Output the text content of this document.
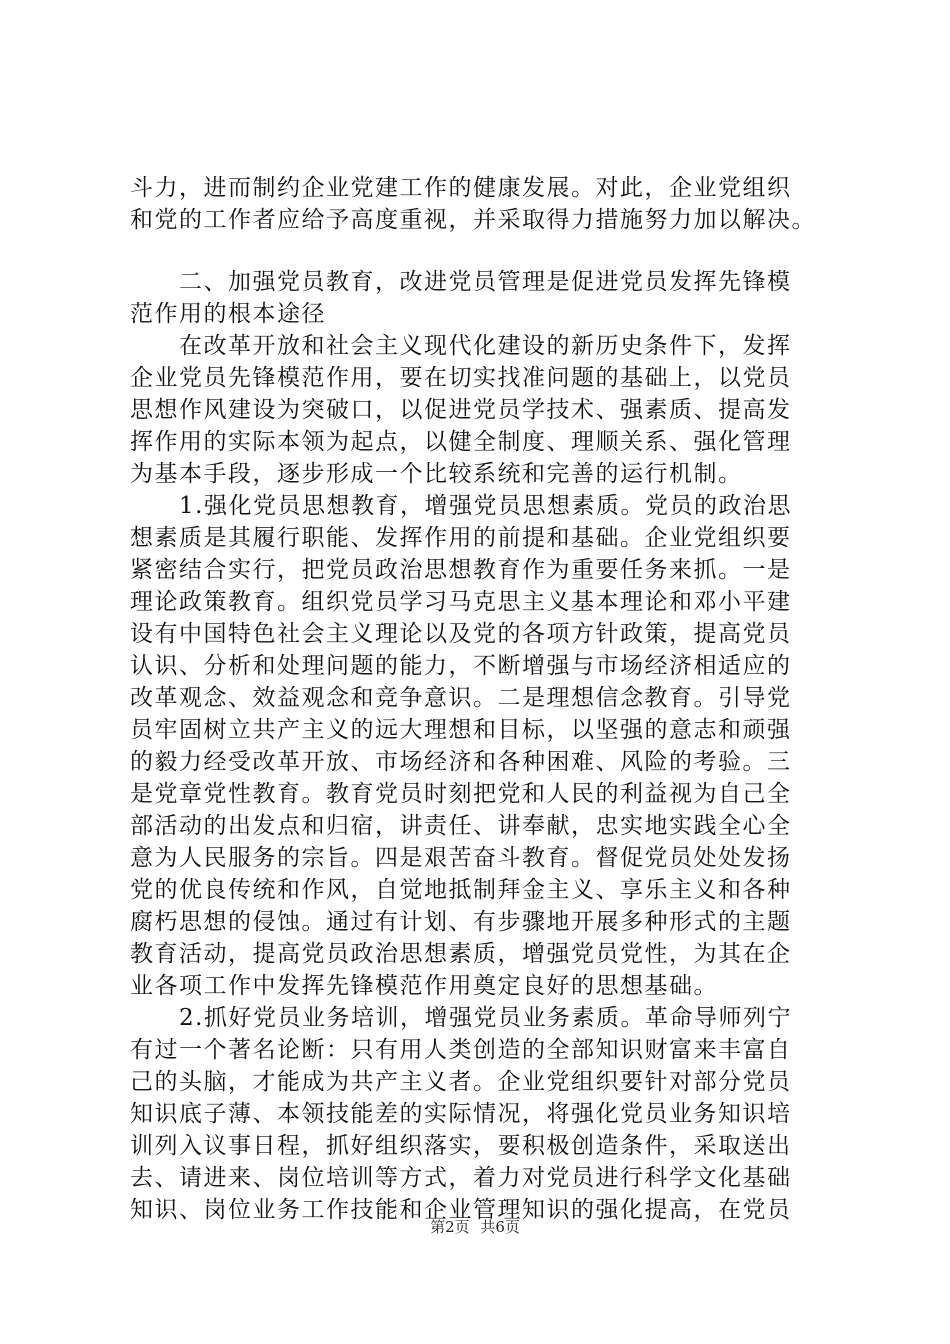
斗力，进而制约企业党建工作的健康发展。对此，企业党组织
和党的工作者应给予高度重视，并采取得力措施努力加以解决。
　　二、加强党员教育，改进党员管理是促进党员发挥先锋模
范作用的根本途径
　　在改革开放和社会主义现代化建设的新历史条件下，发挥
企业党员先锋模范作用，要在切实找准问题的基础上，以党员
思想作风建设为突破口，以促进党员学技术、强素质、提高发
挥作用的实际本领为起点，以健全制度、理顺关系、强化管理
为基本手段，逐步形成一个比较系统和完善的运行机制。
　　1.强化党员思想教育，增强党员思想素质。党员的政治思
想素质是其履行职能、发挥作用的前提和基础。企业党组织要
紧密结合实行，把党员政治思想教育作为重要任务来抓。一是
理论政策教育。组织党员学习马克思主义基本理论和邓小平建
设有中国特色社会主义理论以及党的各项方针政策，提高党员
认识、分析和处理问题的能力，不断增强与市场经济相适应的
改革观念、效益观念和竞争意识。二是理想信念教育。引导党
员牢固树立共产主义的远大理想和目标，以坚强的意志和顽强
的毅力经受改革开放、市场经济和各种困难、风险的考验。三
是党章党性教育。教育党员时刻把党和人民的利益视为自己全
部活动的出发点和归宿，讲责任、讲奉献，忠实地实践全心全
意为人民服务的宗旨。四是艰苦奋斗教育。督促党员处处发扬
党的优良传统和作风，自觉地抵制拜金主义、享乐主义和各种
腐朽思想的侵蚀。通过有计划、有步骤地开展多种形式的主题
教育活动，提高党员政治思想素质，增强党员党性，为其在企
业各项工作中发挥先锋模范作用奠定良好的思想基础。
　　2.抓好党员业务培训，增强党员业务素质。革命导师列宁
有过一个著名论断：只有用人类创造的全部知识财富来丰富自
己的头脑，才能成为共产主义者。企业党组织要针对部分党员
知识底子薄、本领技能差的实际情况，将强化党员业务知识培
训列入议事日程，抓好组织落实，要积极创造条件，采取送出
去、请进来、岗位培训等方式，着力对党员进行科学文化基础
知识、岗位业务工作技能和企业管理知识的强化提高，在党员
第2页 共6页
